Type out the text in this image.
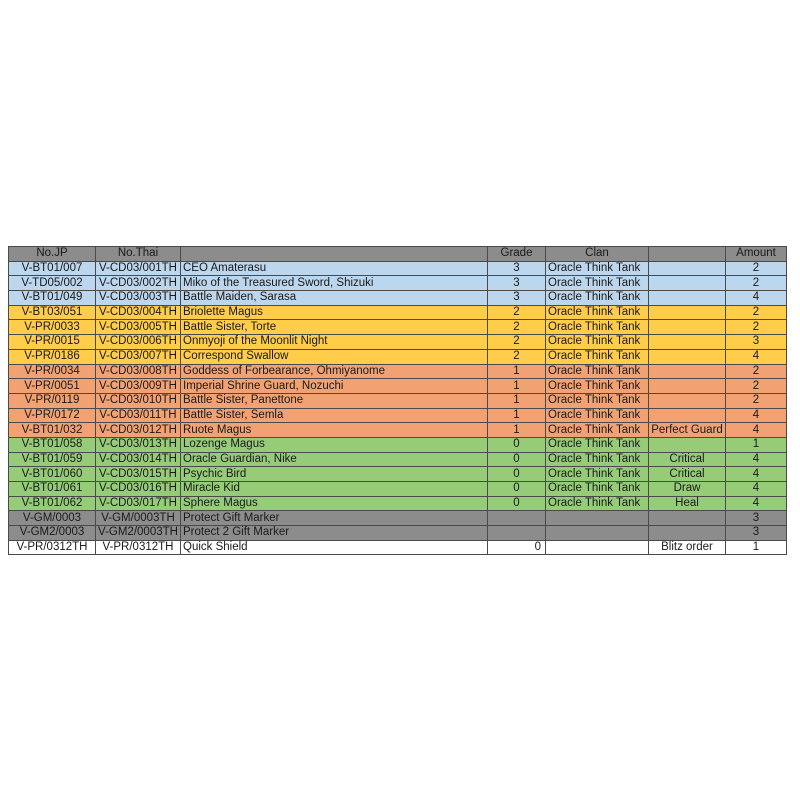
No.JP	No.Thai		Grade	Clan		Amount
V-BT01/007	V-CD03/001TH	CEO Amaterasu	3	Oracle Think Tank		2
V-TD05/002	V-CD03/002TH	Miko of the Treasured Sword, Shizuki	3	Oracle Think Tank		2
V-BT01/049	V-CD03/003TH	Battle Maiden, Sarasa	3	Oracle Think Tank		4
V-BT03/051	V-CD03/004TH	Briolette Magus	2	Oracle Think Tank		2
V-PR/0033	V-CD03/005TH	Battle Sister, Torte	2	Oracle Think Tank		2
V-PR/0015	V-CD03/006TH	Onmyoji of the Moonlit Night	2	Oracle Think Tank		3
V-PR/0186	V-CD03/007TH	Correspond Swallow	2	Oracle Think Tank		4
V-PR/0034	V-CD03/008TH	Goddess of Forbearance, Ohmiyanome	1	Oracle Think Tank		2
V-PR/0051	V-CD03/009TH	Imperial Shrine Guard, Nozuchi	1	Oracle Think Tank		2
V-PR/0119	V-CD03/010TH	Battle Sister, Panettone	1	Oracle Think Tank		2
V-PR/0172	V-CD03/011TH	Battle Sister, Semla	1	Oracle Think Tank		4
V-BT01/032	V-CD03/012TH	Ruote Magus	1	Oracle Think Tank	Perfect Guard	4
V-BT01/058	V-CD03/013TH	Lozenge Magus	0	Oracle Think Tank		1
V-BT01/059	V-CD03/014TH	Oracle Guardian, Nike	0	Oracle Think Tank	Critical	4
V-BT01/060	V-CD03/015TH	Psychic Bird	0	Oracle Think Tank	Critical	4
V-BT01/061	V-CD03/016TH	Miracle Kid	0	Oracle Think Tank	Draw	4
V-BT01/062	V-CD03/017TH	Sphere Magus	0	Oracle Think Tank	Heal	4
V-GM/0003	V-GM/0003TH	Protect Gift Marker				3
V-GM2/0003	V-GM2/0003TH	Protect 2 Gift Marker				3
V-PR/0312TH	V-PR/0312TH	Quick Shield	0		Blitz order	1
